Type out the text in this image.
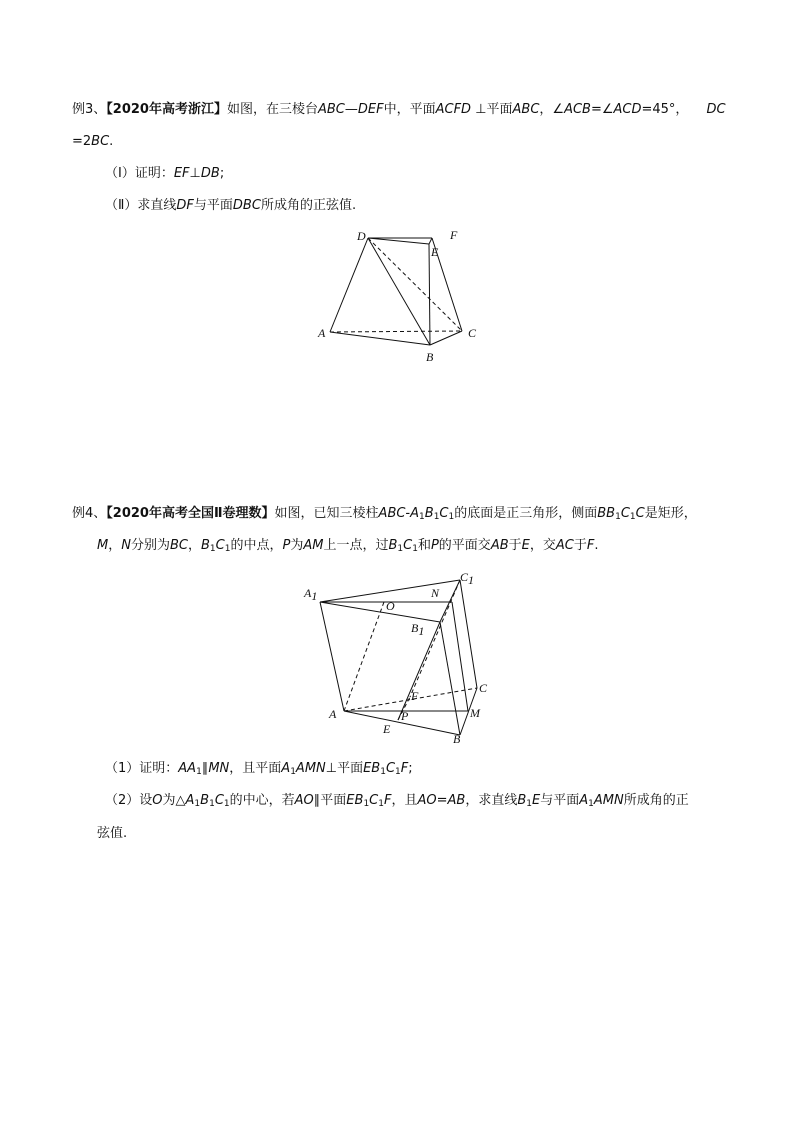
例3、【2020年高考浙江】如图，在三棱台ABC—DEF中，平面ACFD ⊥平面ABC，∠ACB=∠ACD=45°， DC
=2BC.
（Ⅰ）证明：EF⊥DB;
（Ⅱ）求直线DF与平面DBC所成角的正弦值.
D
E
F
A
B
C
例4、【2020年高考全国Ⅱ卷理数】如图，已知三棱柱ABC-$A_1B_1C_1$的底面是正三角形，侧面$BB_1C_1C$是矩形，
M，N分别为BC，$B_1C_1$的中点，P为AM上一点，过$B_1C_1$和P的平面交AB于E，交AC于F.
A1
C1
N
O
B1
F
C
A	P	M
E
B
（1）证明：$AA_1\parallel MN$，且平面$A_1AMN\perp$平面$EB_1C_1F$;
（2）设O为$\triangle A_1B_1C_1$的中心，若AO∥平面$EB_1C_1F$，且AO=AB，求直线$B_1E$与平面$A_1AMN$所成角的正
弦值.
